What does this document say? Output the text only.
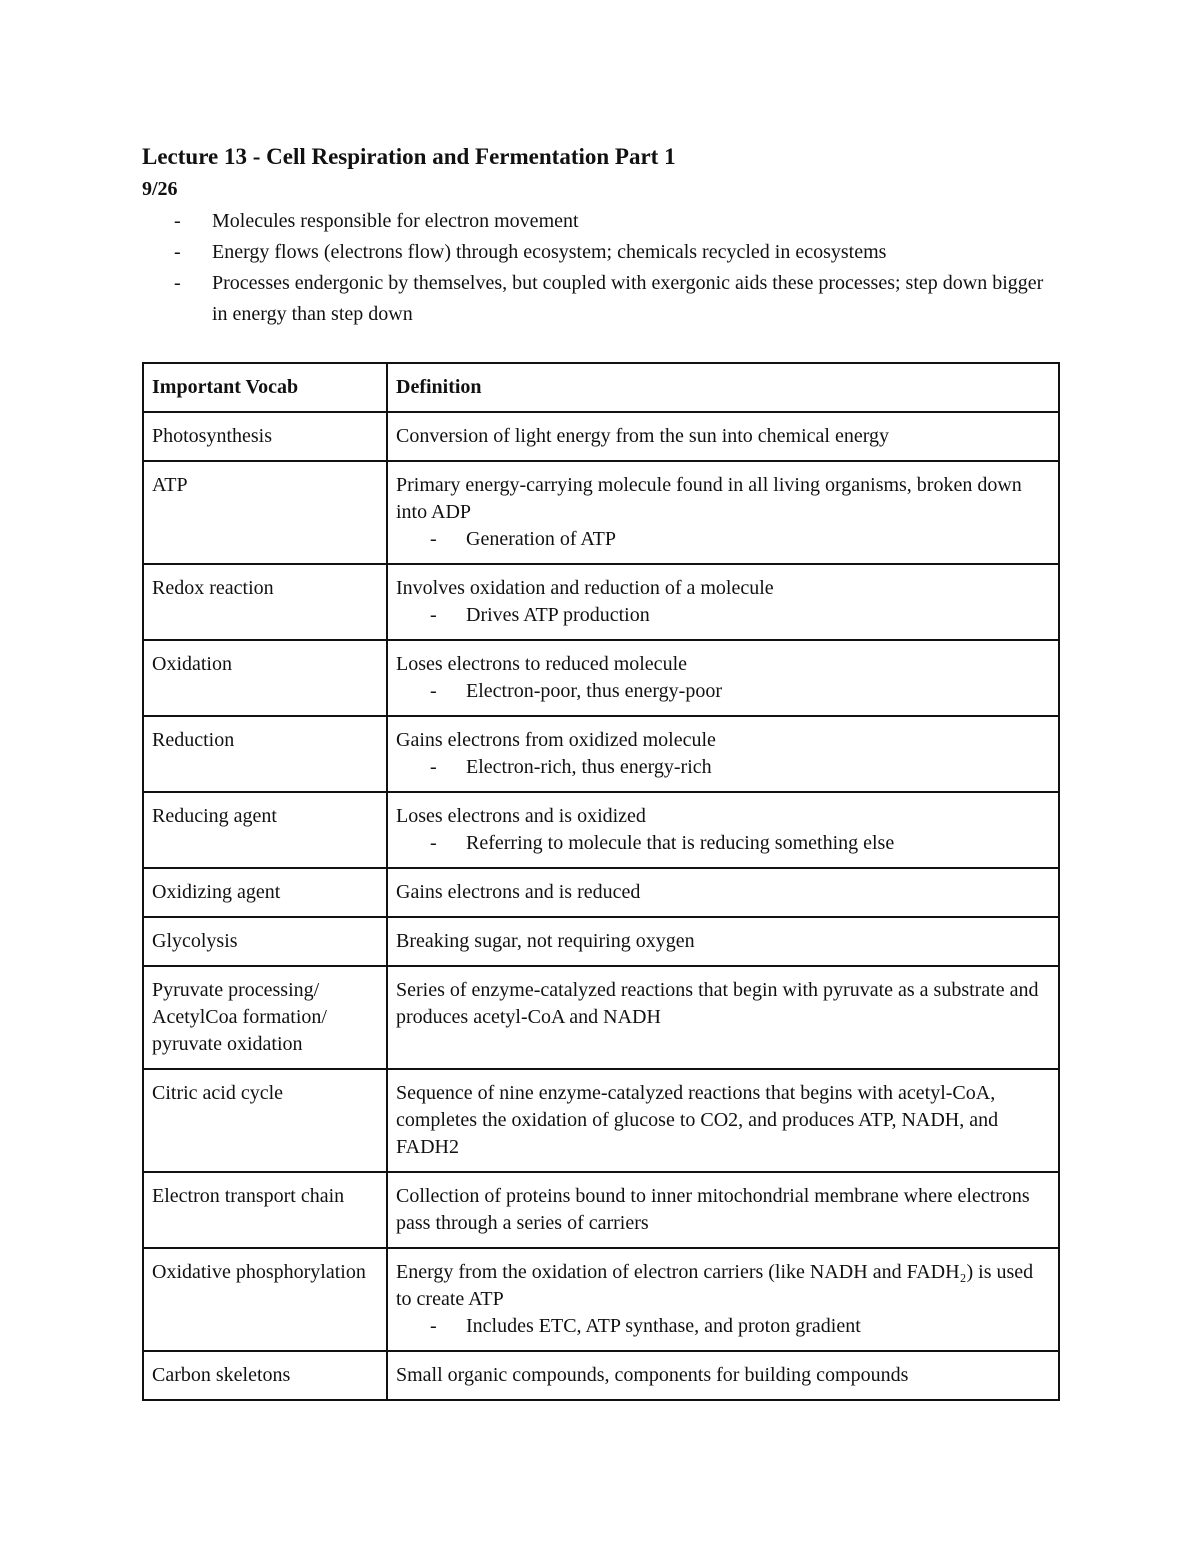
Lecture 13 - Cell Respiration and Fermentation Part 1
9/26
- Molecules responsible for electron movement
- Energy flows (electrons flow) through ecosystem; chemicals recycled in ecosystems
- Processes endergonic by themselves, but coupled with exergonic aids these processes; step down bigger in energy than step down
Important Vocab	Definition
Photosynthesis	Conversion of light energy from the sun into chemical energy

ATP	Primary energy-carrying molecule found in all living organisms, broken down into ADP
- Generation of ATP

Redox reaction	Involves oxidation and reduction of a molecule
- Drives ATP production

Oxidation	Loses electrons to reduced molecule
- Electron-poor, thus energy-poor

Reduction	Gains electrons from oxidized molecule
- Electron-rich, thus energy-rich

Reducing agent	Loses electrons and is oxidized
- Referring to molecule that is reducing something else

Oxidizing agent	Gains electrons and is reduced

Glycolysis	Breaking sugar, not requiring oxygen

Pyruvate processing/ AcetylCoa formation/ pyruvate oxidation	Series of enzyme-catalyzed reactions that begin with pyruvate as a substrate and produces acetyl-CoA and NADH

Citric acid cycle	Sequence of nine enzyme-catalyzed reactions that begins with acetyl-CoA, completes the oxidation of glucose to CO2, and produces ATP, NADH, and FADH2

Electron transport chain	Collection of proteins bound to inner mitochondrial membrane where electrons pass through a series of carriers

Oxidative phosphorylation	Energy from the oxidation of electron carriers (like NADH and FADH₂) is used to create ATP
- Includes ETC, ATP synthase, and proton gradient

Carbon skeletons	Small organic compounds, components for building compounds
